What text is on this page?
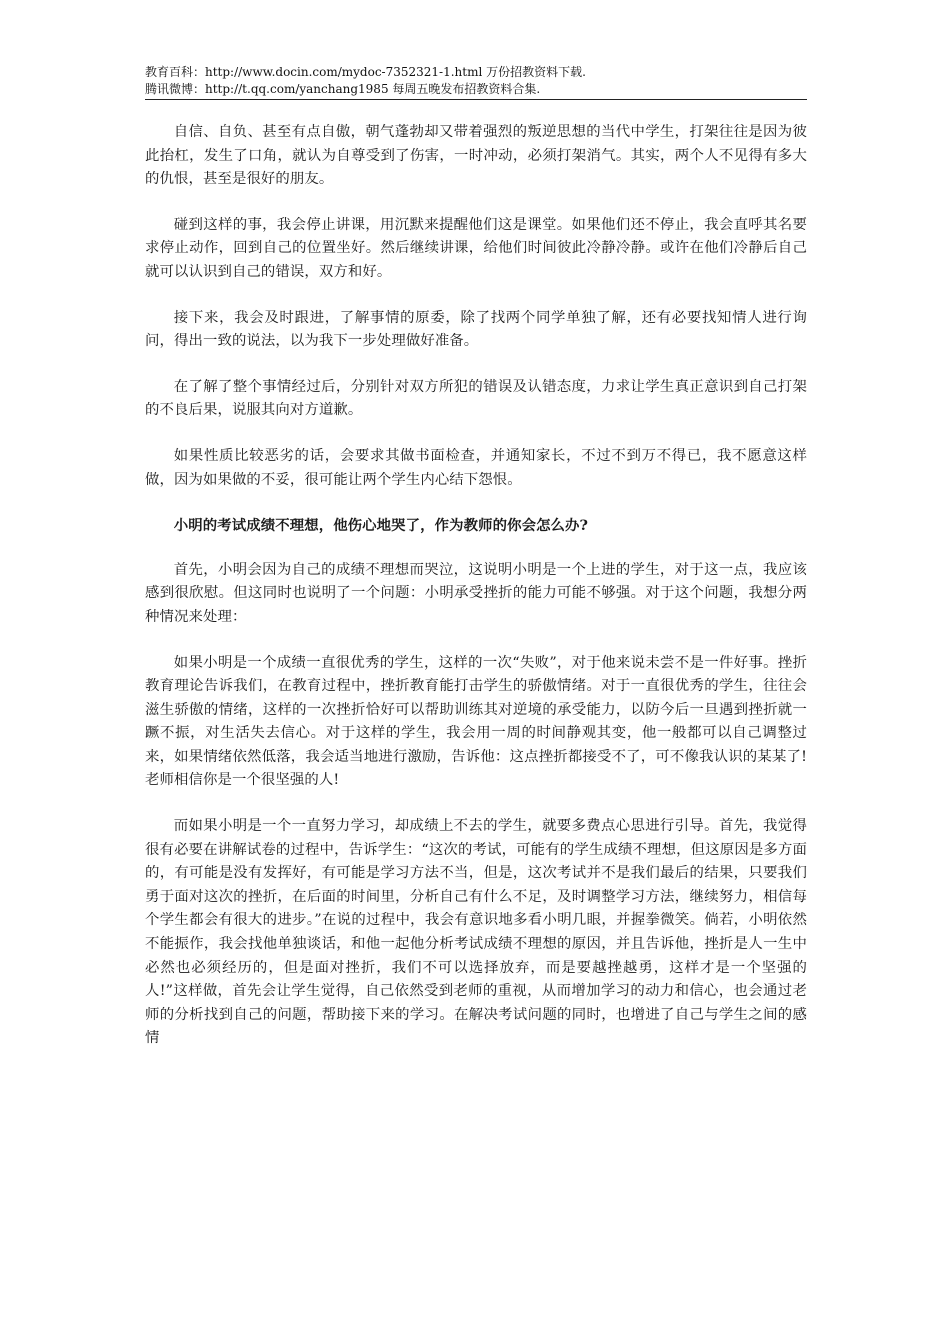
教育百科：http://www.docin.com/mydoc-7352321-1.html 万份招教资料下载.
腾讯微博：http://t.qq.com/yanchang1985 每周五晚发布招教资料合集.

自信、自负、甚至有点自傲，朝气蓬勃却又带着强烈的叛逆思想的当代中学生，打架往往是因为彼此抬杠，发生了口角，就认为自尊受到了伤害，一时冲动，必须打架消气。其实，两个人不见得有多大的仇恨，甚至是很好的朋友。

碰到这样的事，我会停止讲课，用沉默来提醒他们这是课堂。如果他们还不停止，我会直呼其名要求停止动作，回到自己的位置坐好。然后继续讲课，给他们时间彼此冷静冷静。或许在他们冷静后自己就可以认识到自己的错误，双方和好。

接下来，我会及时跟进，了解事情的原委，除了找两个同学单独了解，还有必要找知情人进行询问，得出一致的说法，以为我下一步处理做好准备。

在了解了整个事情经过后，分别针对双方所犯的错误及认错态度，力求让学生真正意识到自己打架的不良后果，说服其向对方道歉。

如果性质比较恶劣的话，会要求其做书面检查，并通知家长，不过不到万不得已，我不愿意这样做，因为如果做的不妥，很可能让两个学生内心结下怨恨。

小明的考试成绩不理想，他伤心地哭了，作为教师的你会怎么办?

首先，小明会因为自己的成绩不理想而哭泣，这说明小明是一个上进的学生，对于这一点，我应该感到很欣慰。但这同时也说明了一个问题：小明承受挫折的能力可能不够强。对于这个问题，我想分两种情况来处理：

如果小明是一个成绩一直很优秀的学生，这样的一次“失败”，对于他来说未尝不是一件好事。挫折教育理论告诉我们，在教育过程中，挫折教育能打击学生的骄傲情绪。对于一直很优秀的学生，往往会滋生骄傲的情绪，这样的一次挫折恰好可以帮助训练其对逆境的承受能力，以防今后一旦遇到挫折就一蹶不振，对生活失去信心。对于这样的学生，我会用一周的时间静观其变，他一般都可以自己调整过来，如果情绪依然低落，我会适当地进行激励，告诉他：这点挫折都接受不了，可不像我认识的某某了!老师相信你是一个很坚强的人!

而如果小明是一个一直努力学习，却成绩上不去的学生，就要多费点心思进行引导。首先，我觉得很有必要在讲解试卷的过程中，告诉学生：“这次的考试，可能有的学生成绩不理想，但这原因是多方面的，有可能是没有发挥好，有可能是学习方法不当，但是，这次考试并不是我们最后的结果，只要我们勇于面对这次的挫折，在后面的时间里，分析自己有什么不足，及时调整学习方法，继续努力，相信每个学生都会有很大的进步。”在说的过程中，我会有意识地多看小明几眼，并握拳微笑。倘若，小明依然不能振作，我会找他单独谈话，和他一起他分析考试成绩不理想的原因，并且告诉他，挫折是人一生中必然也必须经历的，但是面对挫折，我们不可以选择放弃，而是要越挫越勇，这样才是一个坚强的人!”这样做，首先会让学生觉得，自己依然受到老师的重视，从而增加学习的动力和信心，也会通过老师的分析找到自己的问题，帮助接下来的学习。在解决考试问题的同时，也增进了自己与学生之间的感情
